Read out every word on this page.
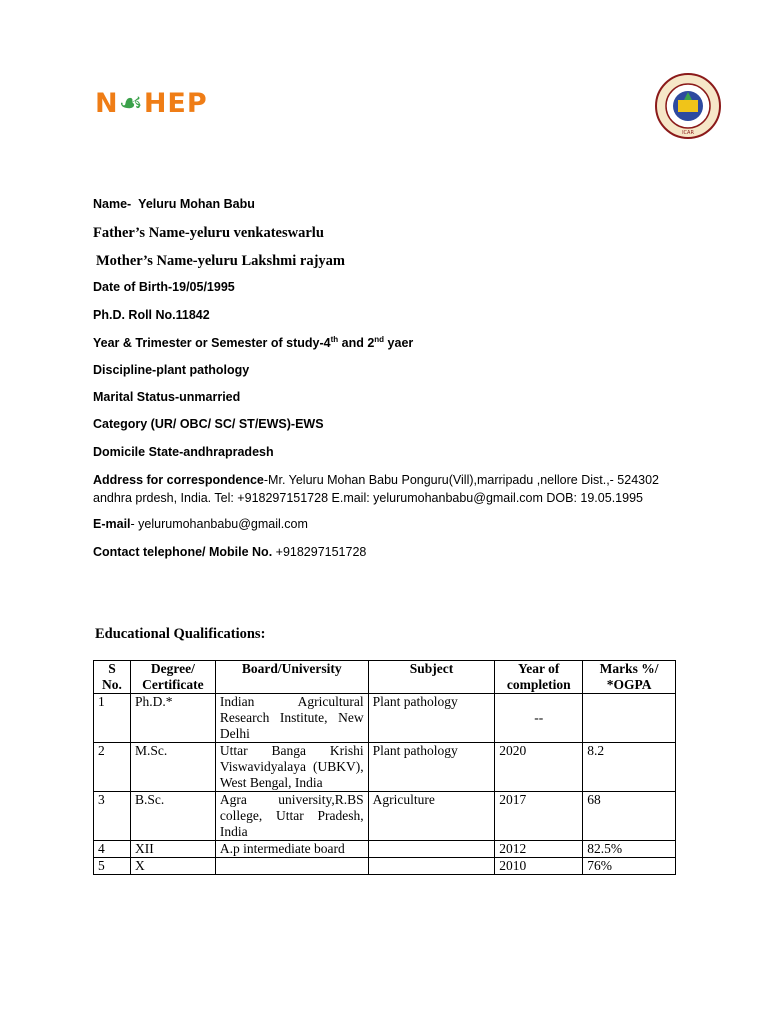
N☙HEP
ICAR
Name- Yeluru Mohan Babu
Father’s Name-yeluru venkateswarlu
Mother’s Name-yeluru Lakshmi rajyam
Date of Birth-19/05/1995
Ph.D. Roll No.11842
Year & Trimester or Semester of study-4th and 2nd yaer
Discipline-plant pathology
Marital Status-unmarried
Category (UR/ OBC/ SC/ ST/EWS)-EWS
Domicile State-andhrapradesh
Address for correspondence-Mr. Yeluru Mohan Babu Ponguru(Vill),marripadu ,nellore Dist.,- 524302 andhra prdesh, India. Tel: +918297151728 E.mail: yelurumohanbabu@gmail.com DOB: 19.05.1995
E-mail- yelurumohanbabu@gmail.com
Contact telephone/ Mobile No. +918297151728
Educational Qualifications:
S No.	Degree/ Certificate	Board/University	Subject	Year of completion	Marks %/ *OGPA
1	Ph.D.*	Indian Agricultural Research Institute, New Delhi	Plant pathology	--	
2	M.Sc.	Uttar Banga Krishi Viswavidyalaya (UBKV), West Bengal, India	Plant pathology	2020	8.2
3	B.Sc.	Agra university,R.BS college, Uttar Pradesh, India	Agriculture	2017	68
4	XII	A.p intermediate board		2012	82.5%
5	X			2010	76%
